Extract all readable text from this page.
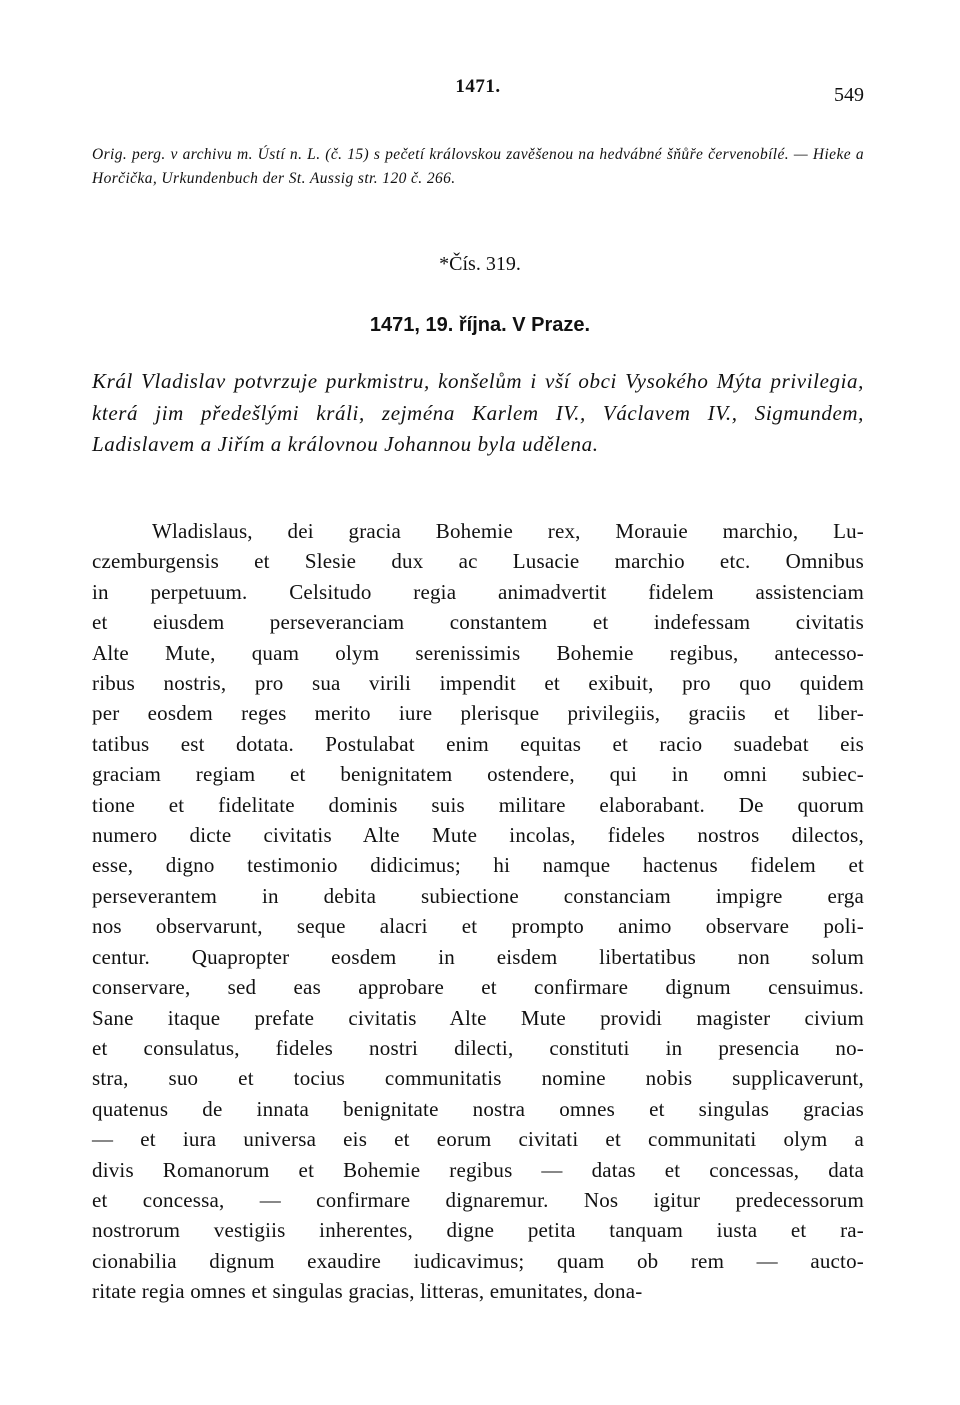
1471.	549
Orig. perg. v archivu m. Ústí n. L. (č. 15) s pečetí královskou zavěšenou na hedvábné šňůře červenobílé. — Hieke a Horčička, Urkundenbuch der St. Aussig str. 120 č. 266.
*Čís. 319.
1471, 19. října. V Praze.
Král Vladislav potvrzuje purkmistru, konšelům i vší obci Vysokého Mýta privilegia, která jim předešlými králi, zejména Karlem IV., Václavem IV., Sigmundem, Ladislavem a Jiřím a královnou Johannou byla udělena.
Wladislaus, dei gracia Bohemie rex, Morauie marchio, Lu-
czemburgensis et Slesie dux ac Lusacie marchio etc. Omnibus
in perpetuum. Celsitudo regia animadvertit fidelem assistenciam
et eiusdem perseveranciam constantem et indefessam civitatis
Alte Mute, quam olym serenissimis Bohemie regibus, antecesso-
ribus nostris, pro sua virili impendit et exibuit, pro quo quidem
per eosdem reges merito iure plerisque privilegiis, graciis et liber-
tatibus est dotata. Postulabat enim equitas et racio suadebat eis
graciam regiam et benignitatem ostendere, qui in omni subiec-
tione et fidelitate dominis suis militare elaborabant. De quorum
numero dicte civitatis Alte Mute incolas, fideles nostros dilectos,
esse, digno testimonio didicimus; hi namque hactenus fidelem et
perseverantem in debita subiectione constanciam impigre erga
nos observarunt, seque alacri et prompto animo observare poli-
centur. Quapropter eosdem in eisdem libertatibus non solum
conservare, sed eas approbare et confirmare dignum censuimus.
Sane itaque prefate civitatis Alte Mute providi magister civium
et consulatus, fideles nostri dilecti, constituti in presencia no-
stra, suo et tocius communitatis nomine nobis supplicaverunt,
quatenus de innata benignitate nostra omnes et singulas gracias
— et iura universa eis et eorum civitati et communitati olym a
divis Romanorum et Bohemie regibus — datas et concessas, data
et concessa, — confirmare dignaremur. Nos igitur predecessorum
nostrorum vestigiis inherentes, digne petita tanquam iusta et ra-
cionabilia dignum exaudire iudicavimus; quam ob rem — aucto-
ritate regia omnes et singulas gracias, litteras, emunitates, dona-
